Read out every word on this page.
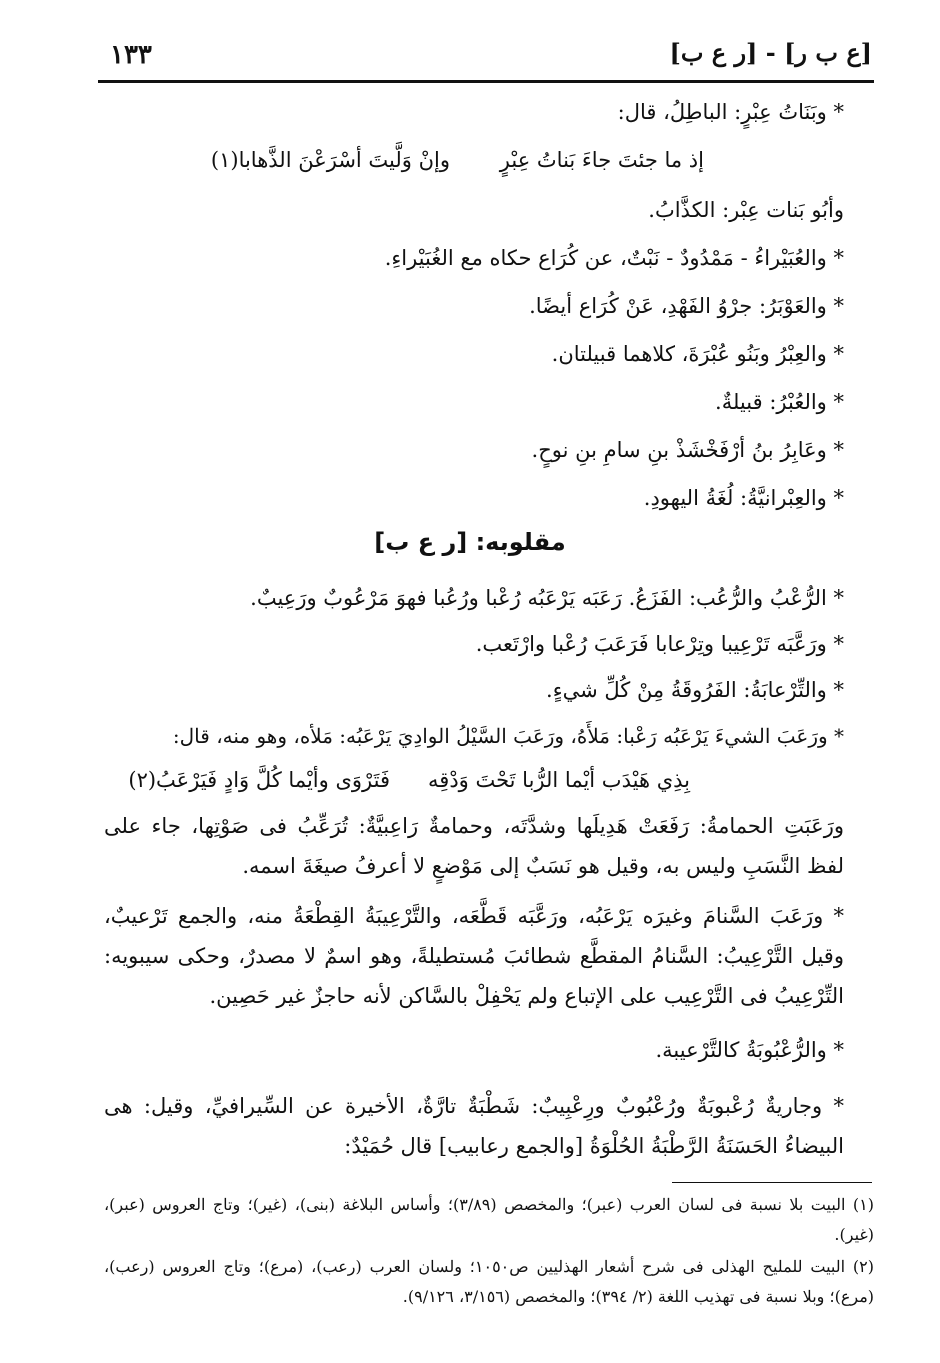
١٣٣	[ع ب ر] - [ر ع ب]
* وبَنَاتُ عِبْرٍ: الباطِلُ، قال:
إذ ما جئتَ جاءَ بَناتُ عِبْرٍ
وإنْ وَلَّيتَ أسْرَعْنَ الذَّهابا(١)
وأبُو بَنات عِبْر: الكذَّابُ.
* والعُبَيْراءُ - مَمْدُودٌ - نَبْتٌ، عن كُرَاع حكاه مع الغُبَيْراءِ.
* والعَوْبَرُ: جرْوُ الفَهْدِ، عَنْ كُرَاع أيضًا.
* والعِبْرُ وبَنُو عُبْرَةَ، كلاهما قبيلتان.
* والعُبْرُ: قبيلةٌ.
* وعَابِرُ بنُ أرْفَخْشَذْ بنِ سامِ بنِ نوحٍ.
* والعِبْرانيَّةُ: لُغَةُ اليهودِ.
مقلوبه: [ر ع ب]
* الرُّعْبُ والرُّعُب: الفَزَعُ. رَعَبَه يَرْعَبُه رُعْبا ورُعُبا فهوَ مَرْعُوبٌ ورَعِيبٌ.
* ورَعَّبَه تَرْعِيبا وتِرْعابا فَرَعَبَ رُعْبا وارْتَعب.
* والتِّرْعابَةُ: الفَرُوقَةُ مِنْ كُلِّ شيءٍ.
* ورَعَبَ الشيءَ يَرْعَبُه رَعْبا: مَلأَهُ، ورَعَبَ السَّيْلُ الوادِيَ يَرْعَبُه: مَلأه، وهو منه، قال:
بِذِي هَيْدَب أيْما الرُّبا تَحْتَ وَدْقِه
فَتَرْوَى وأيْما كُلَّ وَادٍ فَيَرْعَبُ(٢)
ورَعَبَتِ الحمامةُ: رَفَعَتْ هَدِيلَها وشدَّتَه، وحمامةٌ رَاعِبيَّةٌ: تُرَعِّبُ فى صَوْتِها، جاء على لفظ النَّسَبِ وليس به، وقيل هو نَسَبٌ إلى مَوْضعٍ لا أعرفُ صيغَةَ اسمه.
* ورَعَبَ السَّنامَ وغيرَه يَرْعَبُه، ورَعَّبَه قَطَّعَه، والتَّرْعِيبَةُ القِطْعَةُ منه، والجمع تَرْعيبٌ، وقيل التَّرْعِيبُ: السَّنامُ المقطَّع شطائبَ مُستطيلةً، وهو اسمٌ لا مصدرٌ، وحكى سيبويه: التِّرْعِيبُ فى التَّرْعِيب على الإتباع ولم يَحْفِلْ بالسَّاكن لأنه حاجزٌ غير حَصِين.
* والرُّعْبُوبَةُ كالتَّرْعيبة.
* وجاريةٌ رُعْبوبَةٌ ورُعْبُوبٌ ورِعْبِيبٌ: شَطْبَةٌ تارَّةٌ، الأخيرة عن السِّيرافيِّ، وقيل: هى البيضاءُ الحَسَنَةُ الرَّطْبَةُ الحُلْوَةُ [والجمع رعابيب] قال حُمَيْدٌ:
(١) البيت بلا نسبة فى لسان العرب (عبر)؛ والمخصص (٣/٨٩)؛ وأساس البلاغة (بنى)، (غير)؛ وتاج العروس (عبر)، (غير).
(٢) البيت للمليح الهذلى فى شرح أشعار الهذليين ص١٠٥٠؛ ولسان العرب (رعب)، (مرع)؛ وتاج العروس (رعب)، (مرع)؛ وبلا نسبة فى تهذيب اللغة (٢/ ٣٩٤)؛ والمخصص (٣/١٥٦، ٩/١٢٦).
